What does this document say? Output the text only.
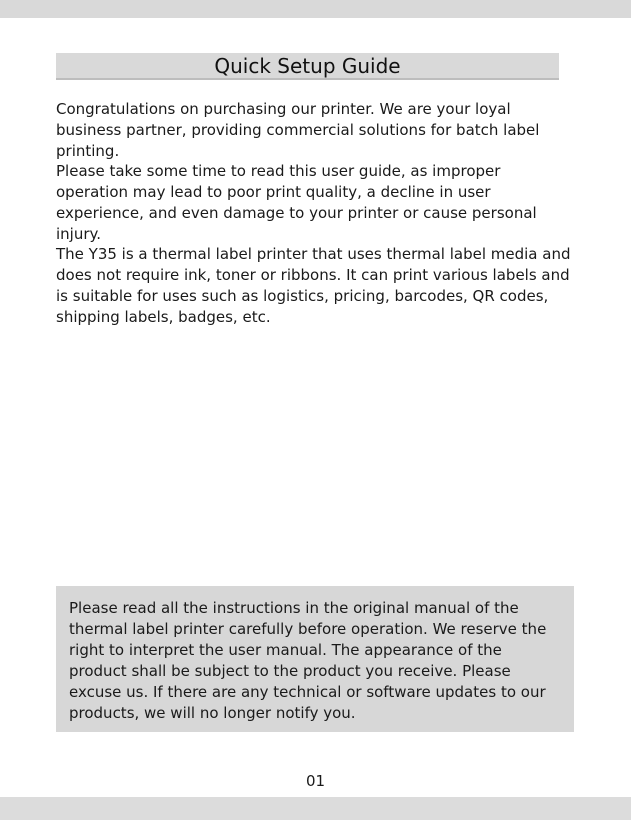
Quick Setup Guide

Congratulations on purchasing our printer. We are your loyal business partner, providing commercial solutions for batch label printing.

Please take some time to read this user guide, as improper operation may lead to poor print quality, a decline in user experience, and even damage to your printer or cause personal injury.

The Y35 is a thermal label printer that uses thermal label media and does not require ink, toner or ribbons. It can print various labels and is suitable for uses such as logistics, pricing, barcodes, QR codes, shipping labels, badges, etc.

Please read all the instructions in the original manual of the thermal label printer carefully before operation. We reserve the right to interpret the user manual. The appearance of the product shall be subject to the product you receive. Please excuse us. If there are any technical or software updates to our products, we will no longer notify you.

01
